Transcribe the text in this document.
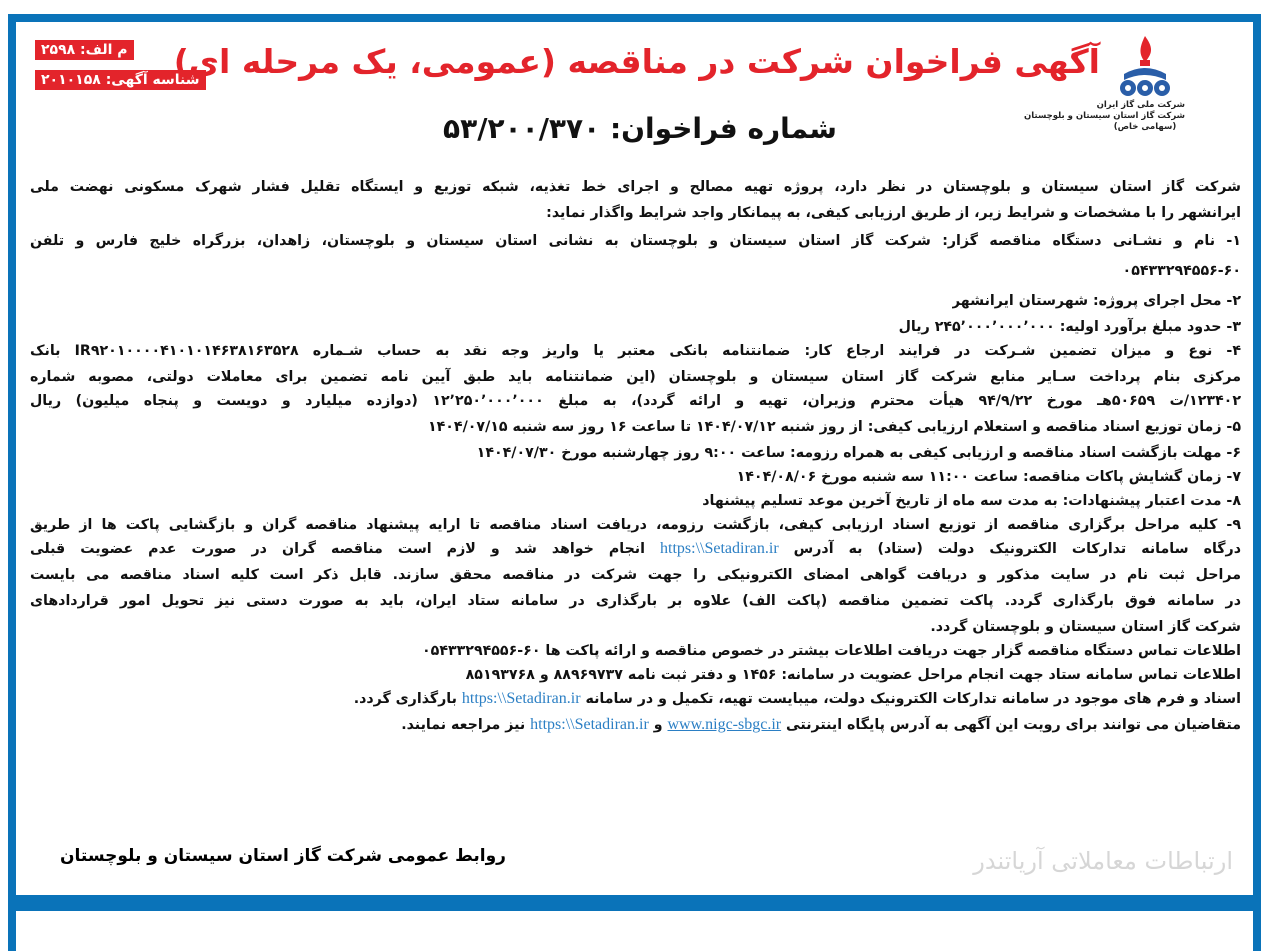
ارتباطات معاملاتی آریاتندر
شرکت ملی گاز ایران
شرکت گاز استان سیستان و بلوچستان
(سهامی خاص)
م الف: ۲۵۹۸
شناسه آگهی: ۲۰۱۰۱۵۸
آگهی فراخوان شرکت در مناقصه (عمومی، یک مرحله ای)
شماره فراخوان: ۵۳/۲۰۰/۳۷۰
شرکت گاز استان سیستان و بلوچستان در نظر دارد، پروژه تهیه مصالح و اجرای خط تغذیه، شبکه توزیع و ایستگاه تقلیل فشار شهرک مسکونی نهضت ملی
ایرانشهر را با مشخصات و شرایط زیر، از طریق ارزیابی کیفی، به پیمانکار واجد شرایط واگذار نماید:
۱- نام و نشـانی دستگاه مناقصه گزار: شرکت گاز استان سیستان و بلوچستان به نشانی استان سیستان و بلوچستان، زاهدان، بزرگراه خلیج فارس و تلفن
۰۵۴۳۳۲۹۴۵۵۶-۶۰
۲- محل اجرای پروژه: شهرستان ایرانشهر
۳- حدود مبلغ برآورد اولیه: ۲۴۵٬۰۰۰٬۰۰۰٬۰۰۰ ریال
۴- نوع و میزان تضمین شـرکت در فرایند ارجاع کار: ضمانتنامه بانکی معتبر یا واریز وجه نقد به حساب شـماره IR۹۲۰۱۰۰۰۰۴۱۰۱۰۱۴۶۳۸۱۶۳۵۲۸ بانک
مرکزی بنام پرداخت سـایر منابع شرکت گاز استان سیستان و بلوچستان (این ضمانتنامه باید طبق آیین نامه تضمین برای معاملات دولتی، مصوبه شماره
۱۲۳۴۰۲/ت ۵۰۶۵۹هـ مورخ ۹۴/۹/۲۲ هیأت محترم وزیران، تهیه و ارائه گردد)، به مبلغ ۱۲٬۲۵۰٬۰۰۰٬۰۰۰ (دوازده میلیارد و دویست و پنجاه میلیون) ریال
۵- زمان توزیع اسناد مناقصه و استعلام ارزیابی کیفی: از روز شنبه ۱۴۰۴/۰۷/۱۲ تا ساعت ۱۶ روز سه شنبه ۱۴۰۴/۰۷/۱۵
۶- مهلت بازگشت اسناد مناقصه و ارزیابی کیفی به همراه رزومه: ساعت ۹:۰۰ روز چهارشنبه مورخ ۱۴۰۴/۰۷/۳۰
۷- زمان گشایش پاکات مناقصه: ساعت ۱۱:۰۰ سه شنبه مورخ ۱۴۰۴/۰۸/۰۶
۸- مدت اعتبار پیشنهادات: به مدت سه ماه از تاریخ آخرین موعد تسلیم پیشنهاد
۹- کلیه مراحل برگزاری مناقصه از توزیع اسناد ارزیابی کیفی، بازگشت رزومه، دریافت اسناد مناقصه تا ارایه پیشنهاد مناقصه گران و بازگشایی پاکت ها از طریق
درگاه سامانه تدارکات الکترونیک دولت (ستاد) به آدرس https:\\Setadiran.ir انجام خواهد شد و لازم است مناقصه گران در صورت عدم عضویت قبلی
مراحل ثبت نام در سایت مذکور و دریافت گواهی امضای الکترونیکی را جهت شرکت در مناقصه محقق سازند. قابل ذکر است کلیه اسناد مناقصه می بایست
در سامانه فوق بارگذاری گردد. پاکت تضمین مناقصه (پاکت الف) علاوه بر بارگذاری در سامانه ستاد ایران، باید به صورت دستی نیز تحویل امور قراردادهای
شرکت گاز استان سیستان و بلوچستان گردد.
اطلاعات تماس دستگاه مناقصه گزار جهت دریافت اطلاعات بیشتر در خصوص مناقصه و ارائه پاکت ها ۶۰-۰۵۴۳۳۲۹۴۵۵۶
اطلاعات تماس سامانه ستاد جهت انجام مراحل عضویت در سامانه: ۱۴۵۶ و دفتر ثبت نامه ۸۸۹۶۹۷۳۷ و ۸۵۱۹۳۷۶۸
اسناد و فرم های موجود در سامانه تدارکات الکترونیک دولت، میبایست تهیه، تکمیل و در سامانه https:\\Setadiran.ir بارگذاری گردد.
متقاضیان می توانند برای رویت این آگهی به آدرس پایگاه اینترنتی www.nigc-sbgc.ir و https:\\Setadiran.ir نیز مراجعه نمایند.
روابط عمومی شرکت گاز استان سیستان و بلوچستان
